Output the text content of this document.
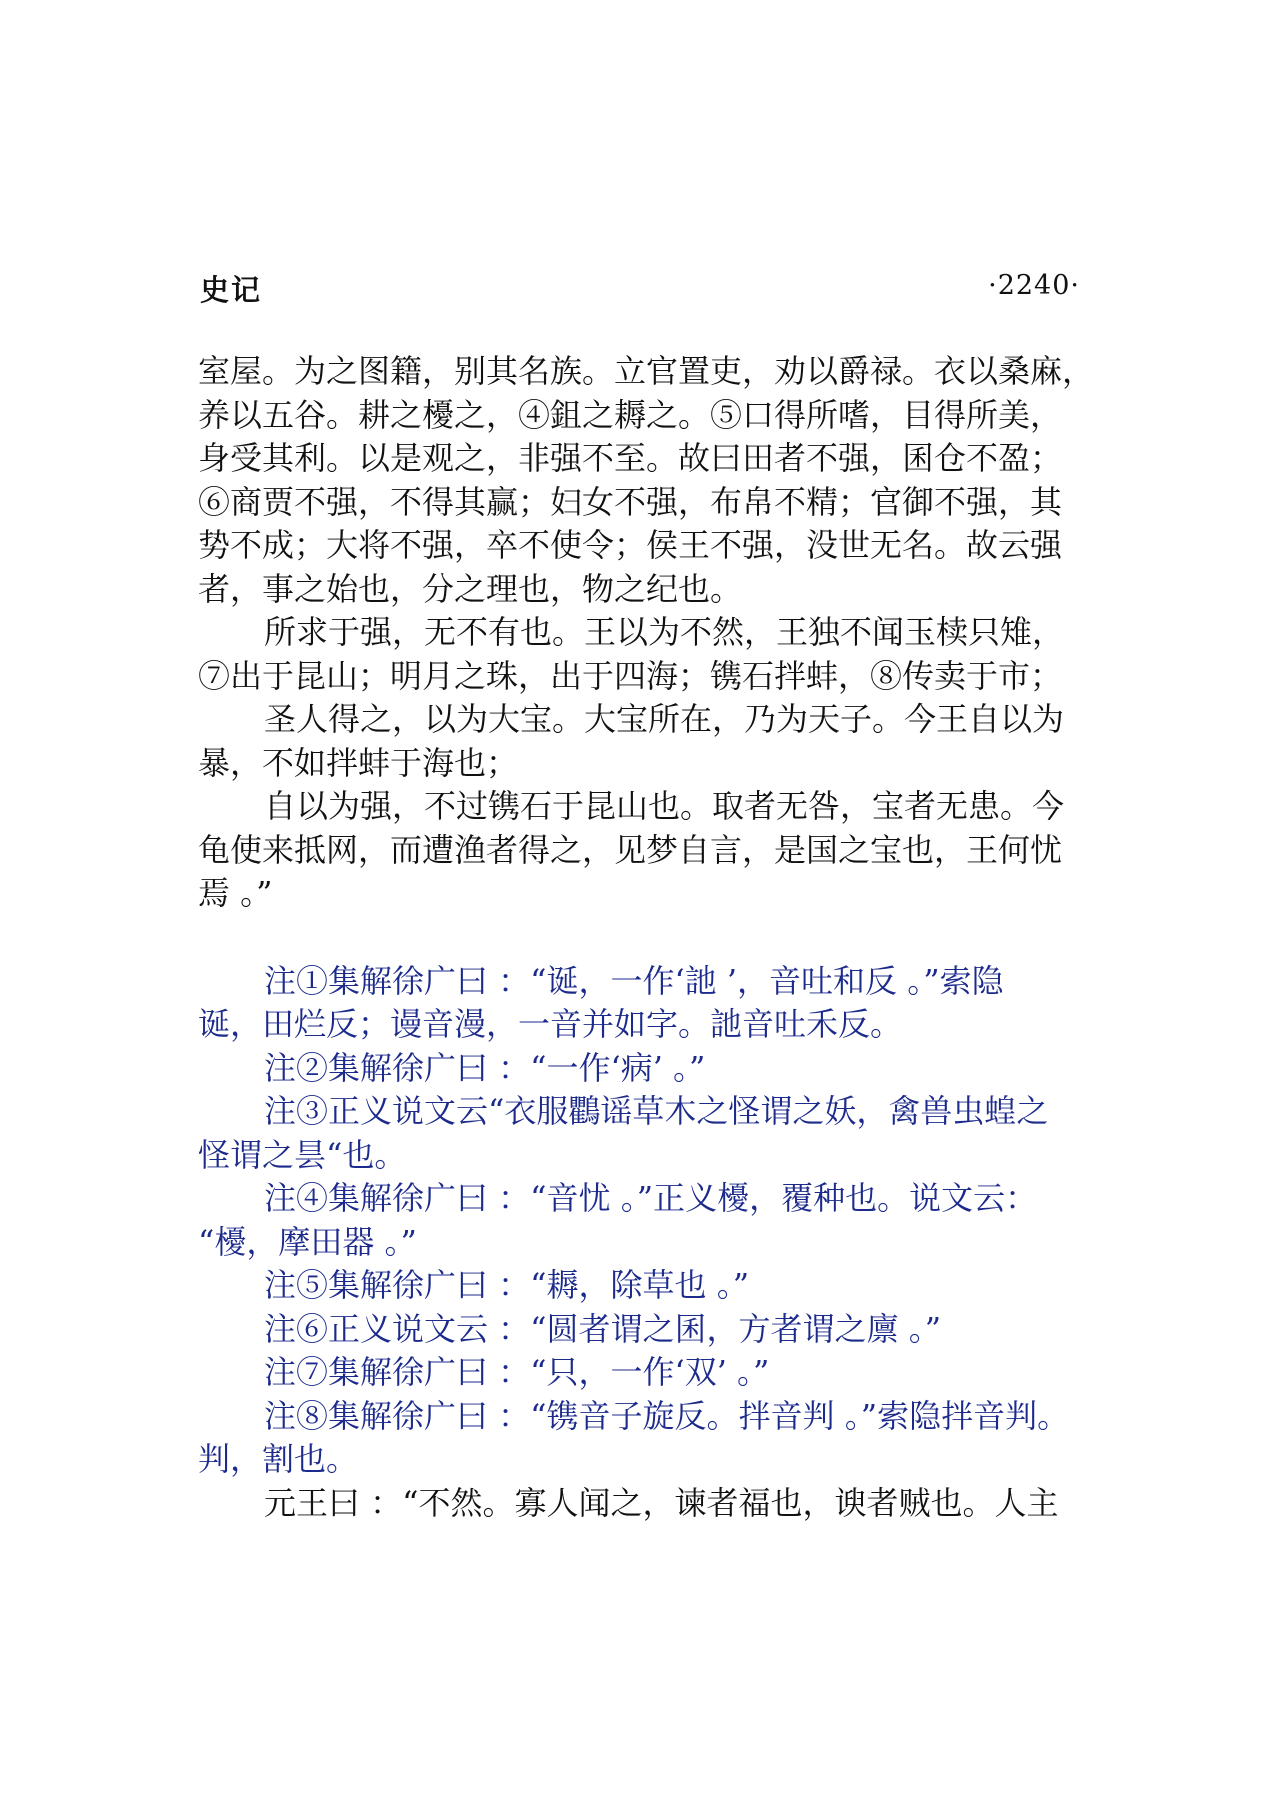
史记	·2240·
室屋。为之图籍，别其名族。立官置吏，劝以爵禄。衣以桑麻，
养以五谷。耕之櫌之，④鉏之耨之。⑤口得所嗜，目得所美，
身受其利。以是观之，非强不至。故曰田者不强，囷仓不盈；
⑥商贾不强，不得其赢；妇女不强，布帛不精；官御不强，其
势不成；大将不强，卒不使令；侯王不强，没世无名。故云强
者，事之始也，分之理也，物之纪也。
所求于强，无不有也。王以为不然，王独不闻玉椟只雉，
⑦出于昆山；明月之珠，出于四海；镌石拌蚌，⑧传卖于市；
圣人得之，以为大宝。大宝所在，乃为天子。今王自以为
暴，不如拌蚌于海也；
自以为强，不过镌石于昆山也。取者无咎，宝者无患。今
龟使来抵网，而遭渔者得之，见梦自言，是国之宝也，王何忧
焉 。”
注①集解徐广曰 ：“诞，一作‘訑 ’，音吐和反 。”索隐
诞，田烂反；谩音漫，一音并如字。訑音吐禾反。
注②集解徐广曰 ：“一作‘病’ 。”
注③正义说文云“衣服鸜谣草木之怪谓之妖，禽兽虫蝗之
怪谓之昙“也。
注④集解徐广曰 ：“音忧 。”正义櫌，覆种也。说文云：
“櫌，摩田器 。”
注⑤集解徐广曰 ：“耨，除草也 。”
注⑥正义说文云 ：“圆者谓之囷，方者谓之廪 。”
注⑦集解徐广曰 ：“只，一作‘双’ 。”
注⑧集解徐广曰 ：“镌音子旋反。拌音判 。”索隐拌音判。
判，割也。
元王曰 ：“不然。寡人闻之，谏者福也，谀者贼也。人主
